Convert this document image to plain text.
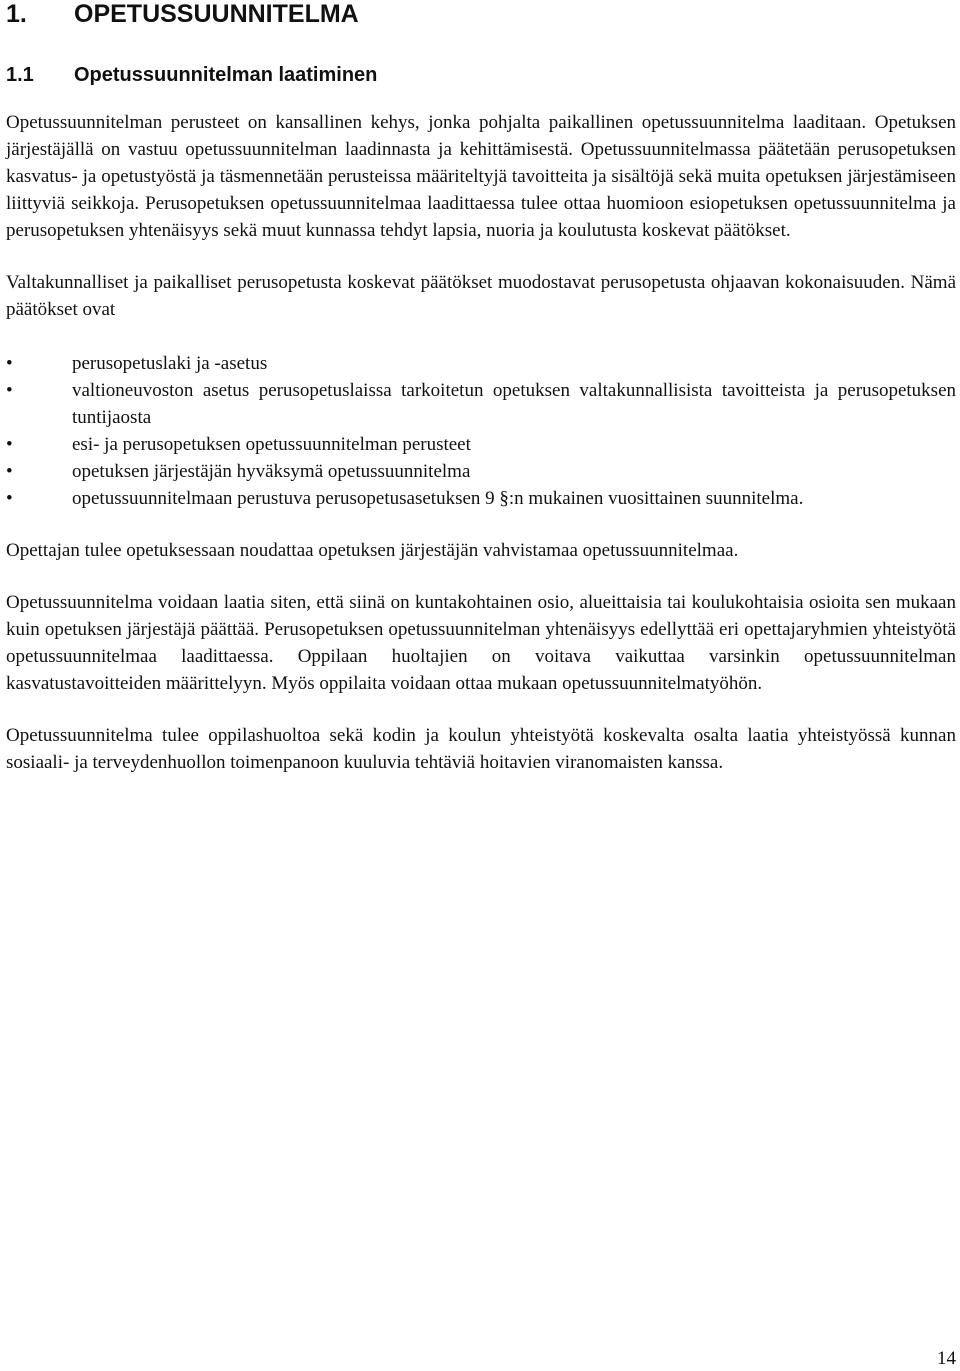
1.	OPETUSSUUNNITELMA
1.1	Opetussuunnitelman laatiminen

Opetussuunnitelman perusteet on kansallinen kehys, jonka pohjalta paikallinen opetussuunnitelma laaditaan. Opetuksen järjestäjällä on vastuu opetussuunnitelman laadinnasta ja kehittämisestä. Opetussuunnitelmassa päätetään perusopetuksen kasvatus- ja opetustyöstä ja täsmennetään perusteissa määriteltyjä tavoitteita ja sisältöjä sekä muita opetuksen järjestämiseen liittyviä seikkoja. Perusopetuksen opetussuunnitelmaa laadittaessa tulee ottaa huomioon esiopetuksen opetussuunnitelma ja perusopetuksen yhtenäisyys sekä muut kunnassa tehdyt lapsia, nuoria ja koulutusta koskevat päätökset.

Valtakunnalliset ja paikalliset perusopetusta koskevat päätökset muodostavat perusopetusta ohjaavan kokonaisuuden. Nämä päätökset ovat

•	perusopetuslaki ja -asetus
•	valtioneuvoston asetus perusopetuslaissa tarkoitetun opetuksen valtakunnallisista tavoitteista ja perusopetuksen tuntijaosta
•	esi- ja perusopetuksen opetussuunnitelman perusteet
•	opetuksen järjestäjän hyväksymä opetussuunnitelma
•	opetussuunnitelmaan perustuva perusopetusasetuksen 9 §:n mukainen vuosittainen suunnitelma.

Opettajan tulee opetuksessaan noudattaa opetuksen järjestäjän vahvistamaa opetussuunnitelmaa.

Opetussuunnitelma voidaan laatia siten, että siinä on kuntakohtainen osio, alueittaisia tai koulukohtaisia osioita sen mukaan kuin opetuksen järjestäjä päättää. Perusopetuksen opetussuunnitelman yhtenäisyys edellyttää eri opettajaryhmien yhteistyötä opetussuunnitelmaa laadittaessa. Oppilaan huoltajien on voitava vaikuttaa varsinkin opetussuunnitelman kasvatustavoitteiden määrittelyyn. Myös oppilaita voidaan ottaa mukaan opetussuunnitelmatyöhön.

Opetussuunnitelma tulee oppilashuoltoa sekä kodin ja koulun yhteistyötä koskevalta osalta laatia yhteistyössä kunnan sosiaali- ja terveydenhuollon toimenpanoon kuuluvia tehtäviä hoitavien viranomaisten kanssa.

14
